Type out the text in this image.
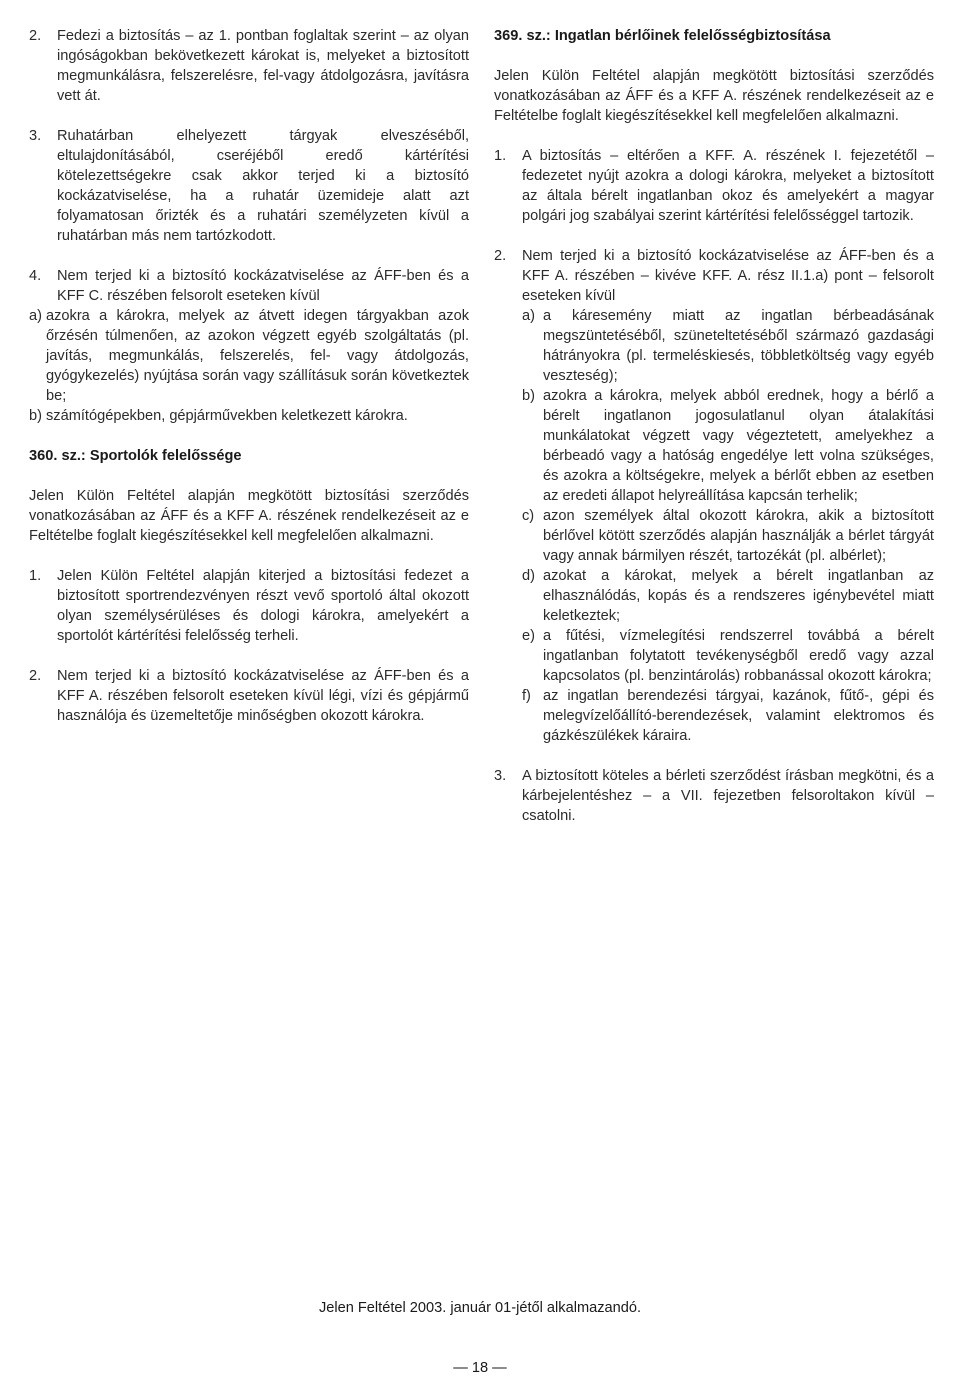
2.	Fedezi a biztosítás – az 1. pontban foglaltak szerint – az olyan ingóságokban bekövetkezett károkat is, melyeket a biztosított megmunkálásra, felszerelésre, fel-vagy átdolgozásra, javításra vett át.
3.	Ruhatárban elhelyezett tárgyak elveszéséből, eltulajdonításából, cseréjéből eredő kártérítési kötelezettségekre csak akkor terjed ki a biztosító kockázatviselése, ha a ruhatár üzemideje alatt azt folyamatosan őrizték és a ruhatári személyzeten kívül a ruhatárban más nem tartózkodott.
4.	Nem terjed ki a biztosító kockázatviselése az ÁFF-ben és a KFF C. részében felsorolt eseteken kívül
a) azokra a károkra, melyek az átvett idegen tárgyakban azok őrzésén túlmenően, az azokon végzett egyéb szolgáltatás (pl. javítás, megmunkálás, felszerelés, fel- vagy átdolgozás, gyógykezelés) nyújtása során vagy szállításuk során következtek be;
b) számítógépekben, gépjárművekben keletkezett károkra.

360. sz.: Sportolók felelőssége

Jelen Külön Feltétel alapján megkötött biztosítási szerződés vonatkozásában az ÁFF és a KFF A. részének rendelkezéseit az e Feltételbe foglalt kiegészítésekkel kell megfelelően alkalmazni.

1.	Jelen Külön Feltétel alapján kiterjed a biztosítási fedezet a biztosított sportrendezvényen részt vevő sportoló által okozott olyan személysérüléses és dologi károkra, amelyekért a sportolót kártérítési felelősség terheli.
2.	Nem terjed ki a biztosító kockázatviselése az ÁFF-ben és a KFF A. részében felsorolt eseteken kívül légi, vízi és gépjármű használója és üzemeltetője minőségben okozott károkra.

369. sz.: Ingatlan bérlőinek felelősségbiztosítása

Jelen Külön Feltétel alapján megkötött biztosítási szerződés vonatkozásában az ÁFF és a KFF A. részének rendelkezéseit az e Feltételbe foglalt kiegészítésekkel kell megfelelően alkalmazni.

1.	A biztosítás – eltérően a KFF. A. részének I. fejezetétől – fedezetet nyújt azokra a dologi károkra, melyeket a biztosított az általa bérelt ingatlanban okoz és amelyekért a magyar polgári jog szabályai szerint kártérítési felelősséggel tartozik.
2.	Nem terjed ki a biztosító kockázatviselése az ÁFF-ben és a KFF A. részében – kivéve KFF. A. rész II.1.a) pont – felsorolt eseteken kívül
a) a káresemény miatt az ingatlan bérbeadásának megszüntetéséből, szüneteltetéséből származó gazdasági hátrányokra (pl. termeléskiesés, többletköltség vagy egyéb veszteség);
b) azokra a károkra, melyek abból erednek, hogy a bérlő a bérelt ingatlanon jogosulatlanul olyan átalakítási munkálatokat végzett vagy végeztetett, amelyekhez a bérbeadó vagy a hatóság engedélye lett volna szükséges, és azokra a költségekre, melyek a bérlőt ebben az esetben az eredeti állapot helyreállítása kapcsán terhelik;
c) azon személyek által okozott károkra, akik a biztosított bérlővel kötött szerződés alapján használják a bérlet tárgyát vagy annak bármilyen részét, tartozékát (pl. albérlet);
d) azokat a károkat, melyek a bérelt ingatlanban az elhasználódás, kopás és a rendszeres igénybevétel miatt keletkeztek;
e) a fűtési, vízmelegítési rendszerrel továbbá a bérelt ingatlanban folytatott tevékenységből eredő vagy azzal kapcsolatos (pl. benzintárolás) robbanással okozott károkra;
f) az ingatlan berendezési tárgyai, kazánok, fűtő-, gépi és melegvízelőállító-berendezések, valamint elektromos és gázkészülékek káraira.
3.	A biztosított köteles a bérleti szerződést írásban megkötni, és a kárbejelentéshez – a VII. fejezetben felsoroltakon kívül – csatolni.
Jelen Feltétel 2003. január 01-jétől alkalmazandó.
— 18 —
